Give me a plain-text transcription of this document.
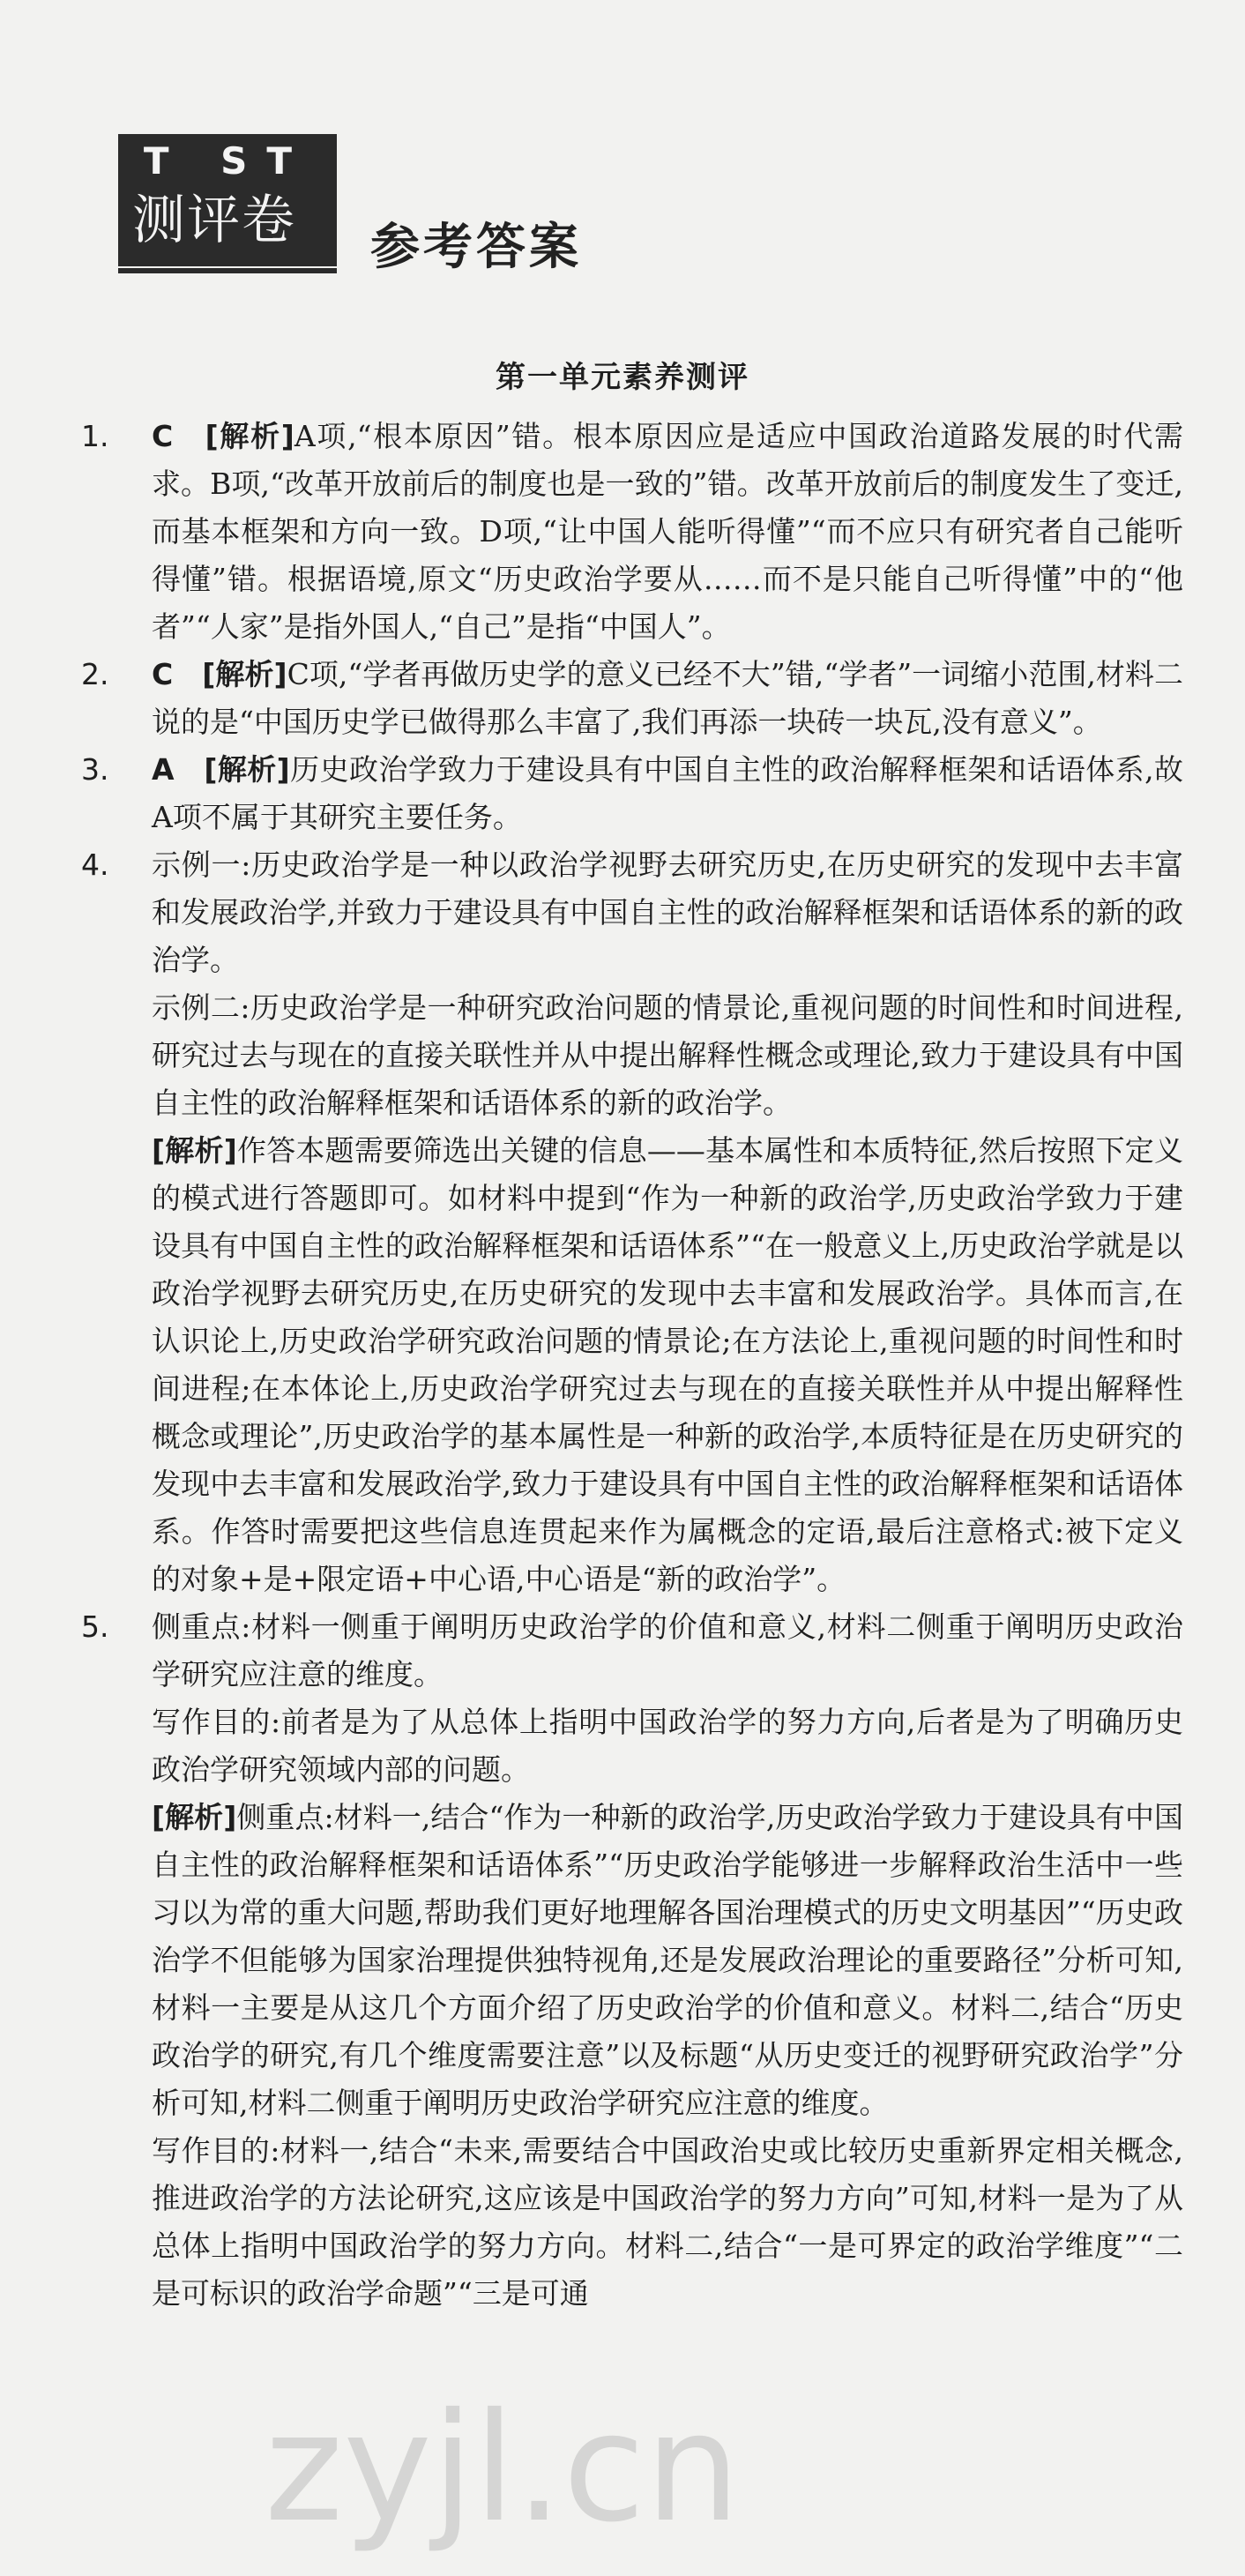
T ST
测评卷 参考答案
第一单元素养测评
1. C　[解析]A项,“根本原因”错。根本原因应是适应中国政治道路发展的时代需求。B项,“改革开放前后的制度也是一致的”错。改革开放前后的制度发生了变迁,而基本框架和方向一致。D项,“让中国人能听得懂”“而不应只有研究者自己能听得懂”错。根据语境,原文“历史政治学要从……而不是只能自己听得懂”中的“他者”“人家”是指外国人,“自己”是指“中国人”。

2. C　[解析]C项,“学者再做历史学的意义已经不大”错,“学者”一词缩小范围,材料二说的是“中国历史学已做得那么丰富了,我们再添一块砖一块瓦,没有意义”。

3. A　[解析]历史政治学致力于建设具有中国自主性的政治解释框架和话语体系,故A项不属于其研究主要任务。

4. 示例一:历史政治学是一种以政治学视野去研究历史,在历史研究的发现中去丰富和发展政治学,并致力于建设具有中国自主性的政治解释框架和话语体系的新的政治学。

示例二:历史政治学是一种研究政治问题的情景论,重视问题的时间性和时间进程,研究过去与现在的直接关联性并从中提出解释性概念或理论,致力于建设具有中国自主性的政治解释框架和话语体系的新的政治学。

[解析]作答本题需要筛选出关键的信息——基本属性和本质特征,然后按照下定义的模式进行答题即可。如材料中提到“作为一种新的政治学,历史政治学致力于建设具有中国自主性的政治解释框架和话语体系”“在一般意义上,历史政治学就是以政治学视野去研究历史,在历史研究的发现中去丰富和发展政治学。具体而言,在认识论上,历史政治学研究政治问题的情景论;在方法论上,重视问题的时间性和时间进程;在本体论上,历史政治学研究过去与现在的直接关联性并从中提出解释性概念或理论”,历史政治学的基本属性是一种新的政治学,本质特征是在历史研究的发现中去丰富和发展政治学,致力于建设具有中国自主性的政治解释框架和话语体系。作答时需要把这些信息连贯起来作为属概念的定语,最后注意格式:被下定义的对象+是+限定语+中心语,中心语是“新的政治学”。

5. 侧重点:材料一侧重于阐明历史政治学的价值和意义,材料二侧重于阐明历史政治学研究应注意的维度。

写作目的:前者是为了从总体上指明中国政治学的努力方向,后者是为了明确历史政治学研究领域内部的问题。

[解析]侧重点:材料一,结合“作为一种新的政治学,历史政治学致力于建设具有中国自主性的政治解释框架和话语体系”“历史政治学能够进一步解释政治生活中一些习以为常的重大问题,帮助我们更好地理解各国治理模式的历史文明基因”“历史政治学不但能够为国家治理提供独特视角,还是发展政治理论的重要路径”分析可知,材料一主要是从这几个方面介绍了历史政治学的价值和意义。材料二,结合“历史政治学的研究,有几个维度需要注意”以及标题“从历史变迁的视野研究政治学”分析可知,材料二侧重于阐明历史政治学研究应注意的维度。

写作目的:材料一,结合“未来,需要结合中国政治史或比较历史重新界定相关概念,推进政治学的方法论研究,这应该是中国政治学的努力方向”可知,材料一是为了从总体上指明中国政治学的努力方向。材料二,结合“一是可界定的政治学维度”“二是可标识的政治学命题”“三是可通

zyjl.cn
